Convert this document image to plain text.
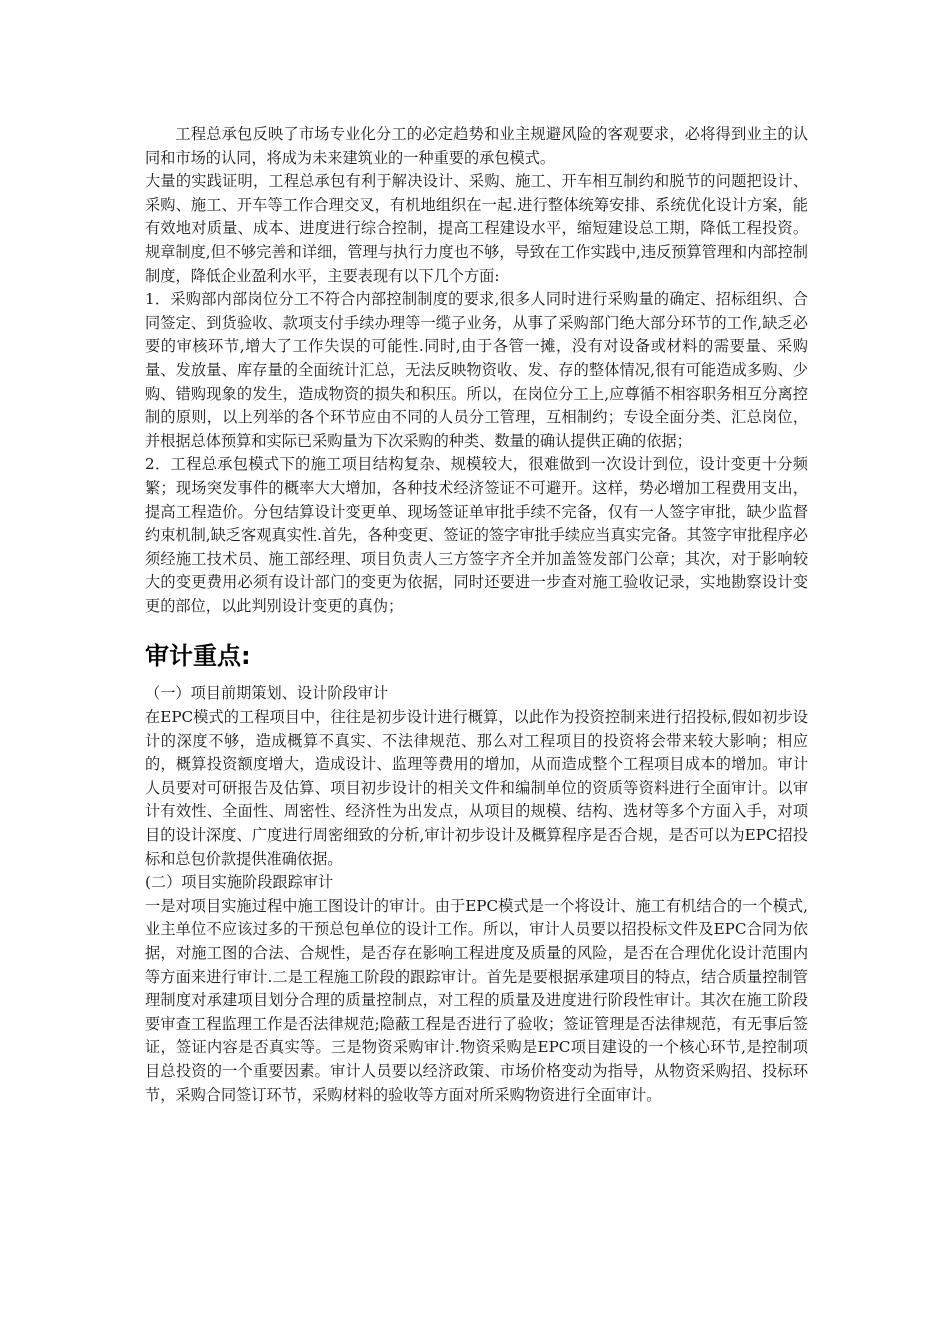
工程总承包反映了市场专业化分工的必定趋势和业主规避风险的客观要求，必将得到业主的认同和市场的认同，将成为未来建筑业的一种重要的承包模式。

大量的实践证明，工程总承包有利于解决设计、采购、施工、开车相互制约和脱节的问题把设计、采购、施工、开车等工作合理交叉，有机地组织在一起.进行整体统筹安排、系统优化设计方案，能有效地对质量、成本、进度进行综合控制，提高工程建设水平，缩短建设总工期，降低工程投资。规章制度,但不够完善和详细，管理与执行力度也不够，导致在工作实践中,违反预算管理和内部控制制度，降低企业盈利水平，主要表现有以下几个方面:

1．采购部内部岗位分工不符合内部控制制度的要求,很多人同时进行采购量的确定、招标组织、合同签定、到货验收、款项支付手续办理等一缆子业务，从事了采购部门绝大部分环节的工作,缺乏必要的审核环节,增大了工作失误的可能性.同时,由于各管一摊，没有对设备或材料的需要量、采购量、发放量、库存量的全面统计汇总，无法反映物资收、发、存的整体情况,很有可能造成多购、少购、错购现象的发生，造成物资的损失和积压。所以，在岗位分工上,应尊循不相容职务相互分离控制的原则，以上列举的各个环节应由不同的人员分工管理，互相制约；专设全面分类、汇总岗位，并根据总体预算和实际已采购量为下次采购的种类、数量的确认提供正确的依据；

2．工程总承包模式下的施工项目结构复杂、规模较大，很难做到一次设计到位，设计变更十分频繁；现场突发事件的概率大大增加，各种技术经济签证不可避开。这样，势必增加工程费用支出，提高工程造价。分包结算设计变更单、现场签证单审批手续不完备，仅有一人签字审批，缺少监督约束机制,缺乏客观真实性.首先，各种变更、签证的签字审批手续应当真实完备。其签字审批程序必须经施工技术员、施工部经理、项目负责人三方签字齐全并加盖签发部门公章；其次，对于影响较大的变更费用必须有设计部门的变更为依据，同时还要进一步查对施工验收记录，实地勘察设计变更的部位，以此判别设计变更的真伪；

审计重点:

（一）项目前期策划、设计阶段审计

在EPC模式的工程项目中，往往是初步设计进行概算，以此作为投资控制来进行招投标,假如初步设计的深度不够，造成概算不真实、不法律规范、那么对工程项目的投资将会带来较大影响；相应的，概算投资额度增大，造成设计、监理等费用的增加，从而造成整个工程项目成本的增加。审计人员要对可研报告及估算、项目初步设计的相关文件和编制单位的资质等资料进行全面审计。以审计有效性、全面性、周密性、经济性为出发点，从项目的规模、结构、选材等多个方面入手，对项目的设计深度、广度进行周密细致的分析,审计初步设计及概算程序是否合规，是否可以为EPC招投标和总包价款提供准确依据。

(二）项目实施阶段跟踪审计

一是对项目实施过程中施工图设计的审计。由于EPC模式是一个将设计、施工有机结合的一个模式,业主单位不应该过多的干预总包单位的设计工作。所以，审计人员要以招投标文件及EPC合同为依据，对施工图的合法、合规性，是否存在影响工程进度及质量的风险，是否在合理优化设计范围内等方面来进行审计.二是工程施工阶段的跟踪审计。首先是要根据承建项目的特点，结合质量控制管理制度对承建项目划分合理的质量控制点，对工程的质量及进度进行阶段性审计。其次在施工阶段要审查工程监理工作是否法律规范;隐蔽工程是否进行了验收；签证管理是否法律规范，有无事后签证，签证内容是否真实等。三是物资采购审计.物资采购是EPC项目建设的一个核心环节,是控制项目总投资的一个重要因素。审计人员要以经济政策、市场价格变动为指导，从物资采购招、投标环节，采购合同签订环节，采购材料的验收等方面对所采购物资进行全面审计。
